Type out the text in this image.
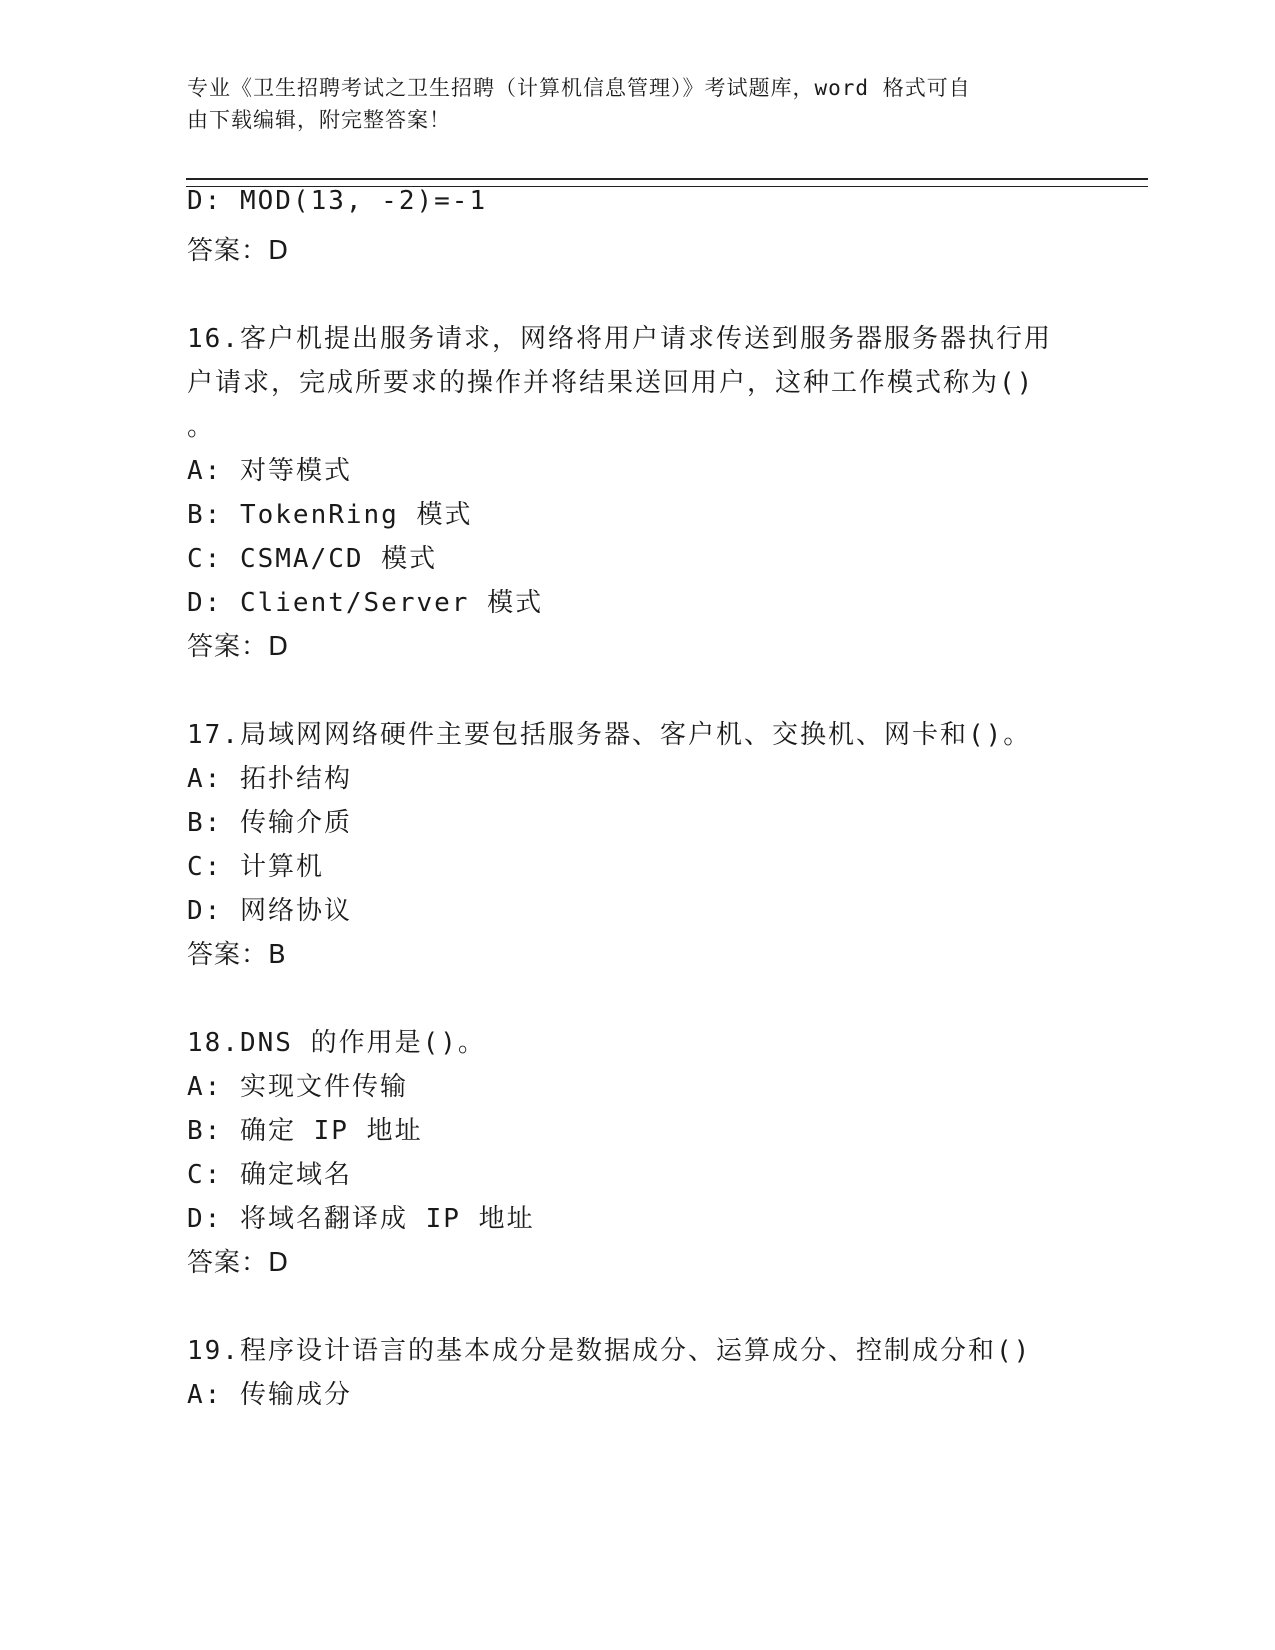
专业《卫生招聘考试之卫生招聘（计算机信息管理）》考试题库，word 格式可自
由下载编辑，附完整答案！
D: MOD(13, -2)=-1
答案：D
16.客户机提出服务请求，网络将用户请求传送到服务器服务器执行用
户请求，完成所要求的操作并将结果送回用户，这种工作模式称为()
。
A: 对等模式
B: TokenRing 模式
C: CSMA/CD 模式
D: Client/Server 模式
答案：D
17.局域网网络硬件主要包括服务器、客户机、交换机、网卡和()。
A: 拓扑结构
B: 传输介质
C: 计算机
D: 网络协议
答案：B
18.DNS 的作用是()。
A: 实现文件传输
B: 确定 IP 地址
C: 确定域名
D: 将域名翻译成 IP 地址
答案：D
19.程序设计语言的基本成分是数据成分、运算成分、控制成分和()
A: 传输成分
